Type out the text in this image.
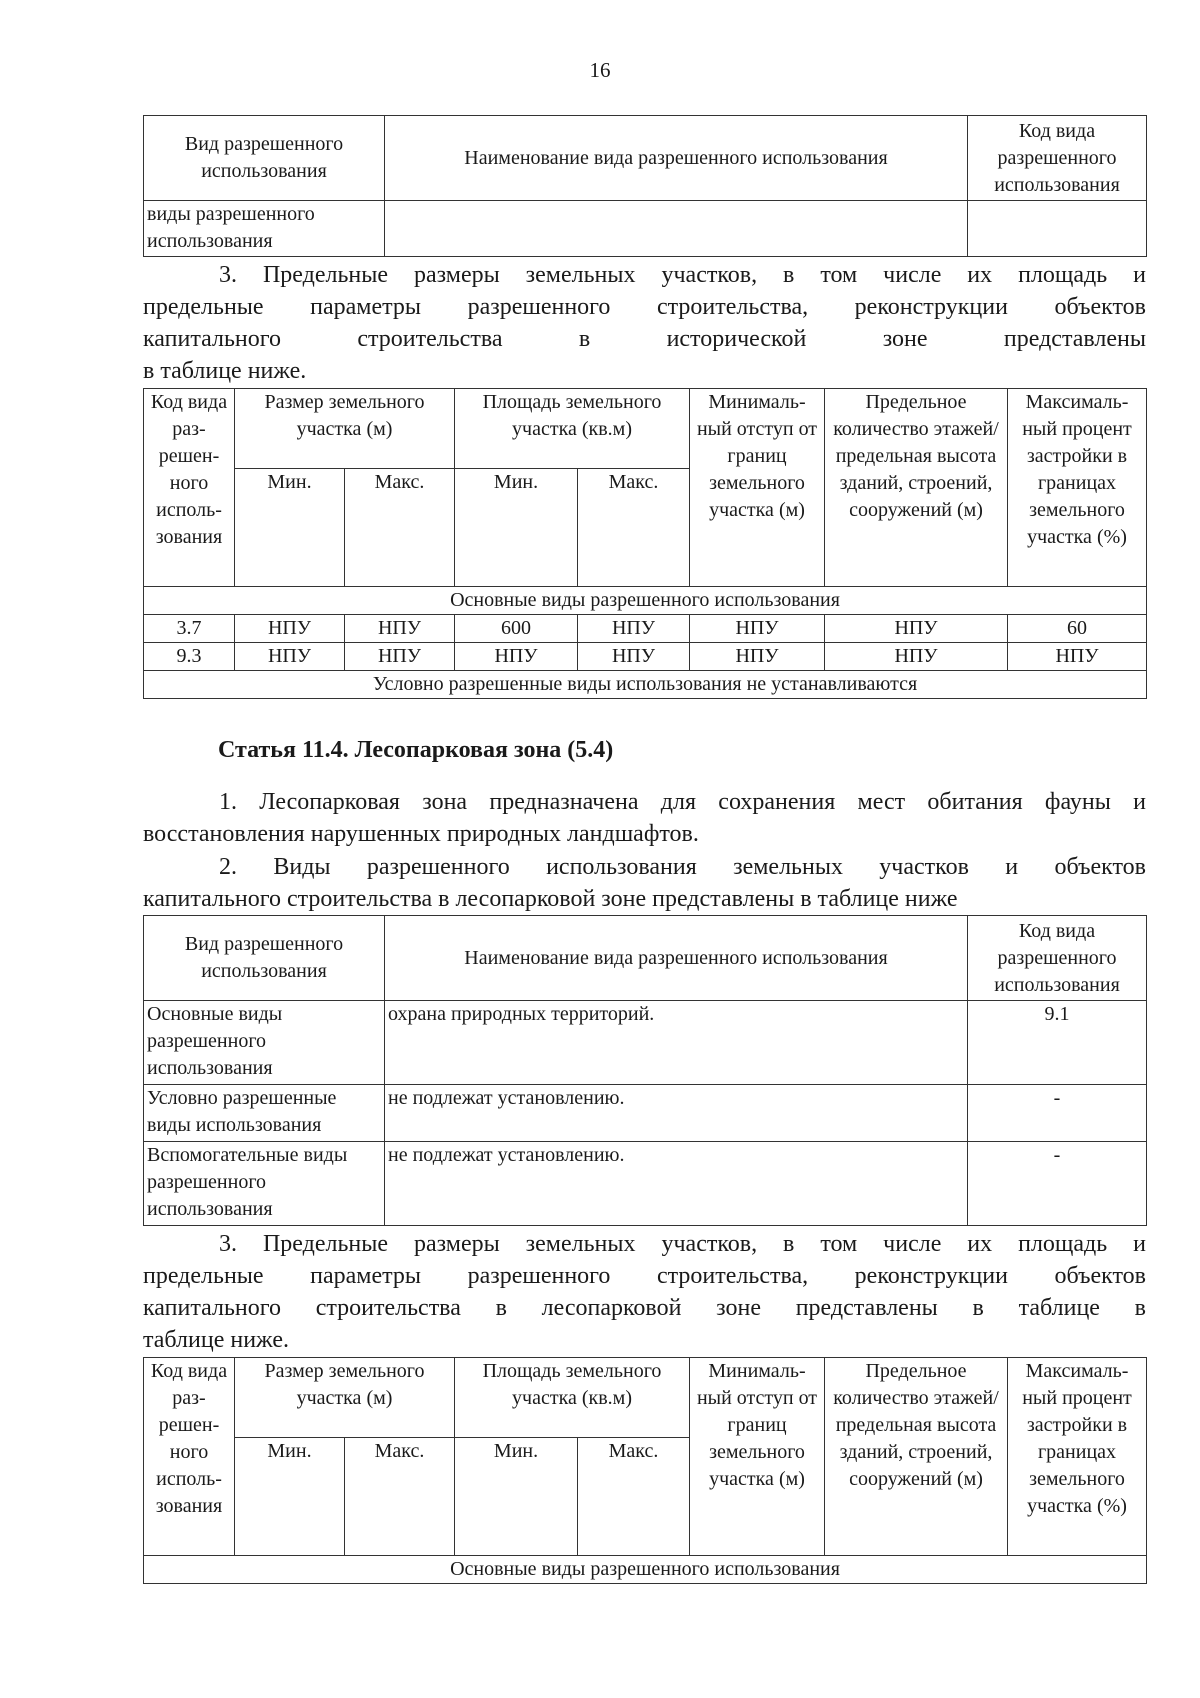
16
Вид разрешенного использования	Наименование вида разрешенного использования	Код вида разрешенного использования
виды разрешенного использования		
3. Предельные размеры земельных участков, в том числе их площадь и
предельные параметры разрешенного строительства, реконструкции объектов
капитального строительства в исторической зоне представлены
в таблице ниже.
Код вида раз-решен-ного исполь-зования	Размер земельного участка (м)		Площадь земельного участка (кв.м)		Минималь-ный отступ от границ земельного участка (м)	Предельное количество этажей/ предельная высота зданий, строений, сооружений (м)	Максималь-ный процент застройки в границах земельного участка (%)
	Мин.	Макс.	Мин.	Макс.			
Основные виды разрешенного использования							
3.7	НПУ	НПУ	600	НПУ	НПУ	НПУ	60
9.3	НПУ	НПУ	НПУ	НПУ	НПУ	НПУ	НПУ
Условно разрешенные виды использования не устанавливаются							
Статья 11.4. Лесопарковая зона (5.4)
1. Лесопарковая зона предназначена для сохранения мест обитания фауны и
восстановления нарушенных природных ландшафтов.
2. Виды разрешенного использования земельных участков и объектов
капитального строительства в лесопарковой зоне представлены в таблице ниже
Вид разрешенного использования	Наименование вида разрешенного использования	Код вида разрешенного использования
Основные виды разрешенного использования	охрана природных территорий.	9.1
Условно разрешенные виды использования	не подлежат установлению.	-
Вспомогательные виды разрешенного использования	не подлежат установлению.	-
3. Предельные размеры земельных участков, в том числе их площадь и
предельные параметры разрешенного строительства, реконструкции объектов
капитального строительства в лесопарковой зоне представлены в таблице в
таблице ниже.
Код вида раз-решен-ного исполь-зования	Размер земельного участка (м)		Площадь земельного участка (кв.м)		Минималь-ный отступ от границ земельного участка (м)	Предельное количество этажей/ предельная высота зданий, строений, сооружений (м)	Максималь-ный процент застройки в границах земельного участка (%)
	Мин.	Макс.	Мин.	Макс.			
Основные виды разрешенного использования							
